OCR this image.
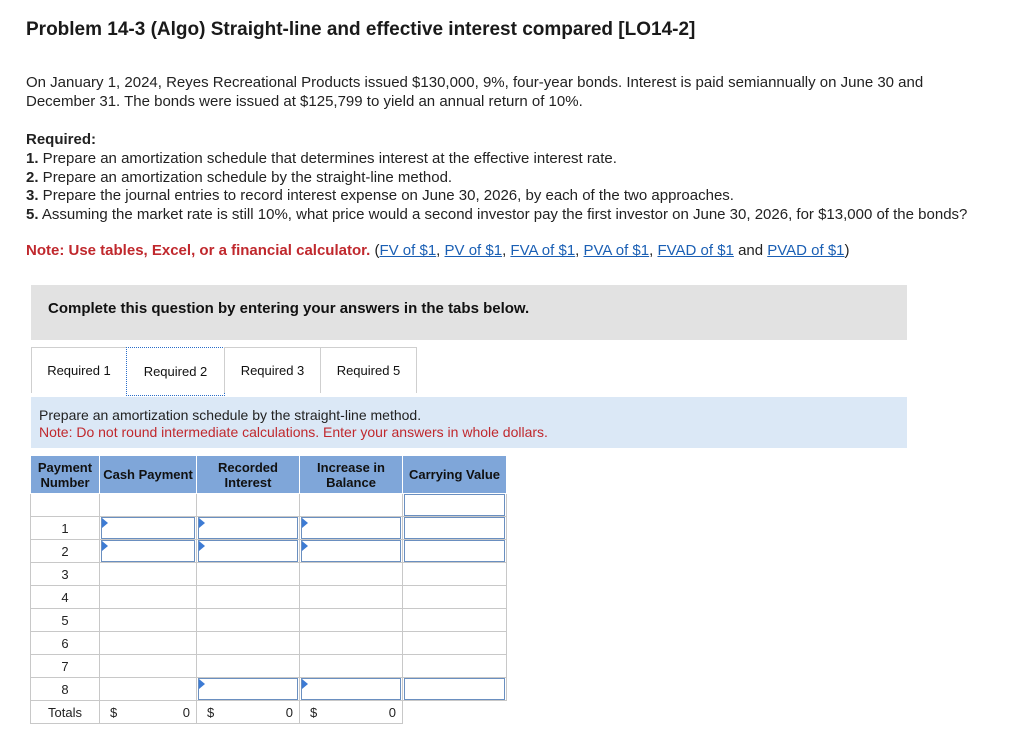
Problem 14-3 (Algo) Straight-line and effective interest compared [LO14-2]
On January 1, 2024, Reyes Recreational Products issued $130,000, 9%, four-year bonds. Interest is paid semiannually on June 30 and December 31. The bonds were issued at $125,799 to yield an annual return of 10%.
Required:
1. Prepare an amortization schedule that determines interest at the effective interest rate.
2. Prepare an amortization schedule by the straight-line method.
3. Prepare the journal entries to record interest expense on June 30, 2026, by each of the two approaches.
5. Assuming the market rate is still 10%, what price would a second investor pay the first investor on June 30, 2026, for $13,000 of the bonds?
Note: Use tables, Excel, or a financial calculator. (FV of $1, PV of $1, FVA of $1, PVA of $1, FVAD of $1 and PVAD of $1)
Complete this question by entering your answers in the tabs below.
Required 1	Required 2	Required 3	Required 5
Prepare an amortization schedule by the straight-line method.
Note: Do not round intermediate calculations. Enter your answers in whole dollars.
Payment Number	Cash Payment	Recorded Interest	Increase in Balance	Carrying Value

1	

2	

3				
4				
5				
6				
7				
8		

Totals	$ 0	$ 0	$ 0	
